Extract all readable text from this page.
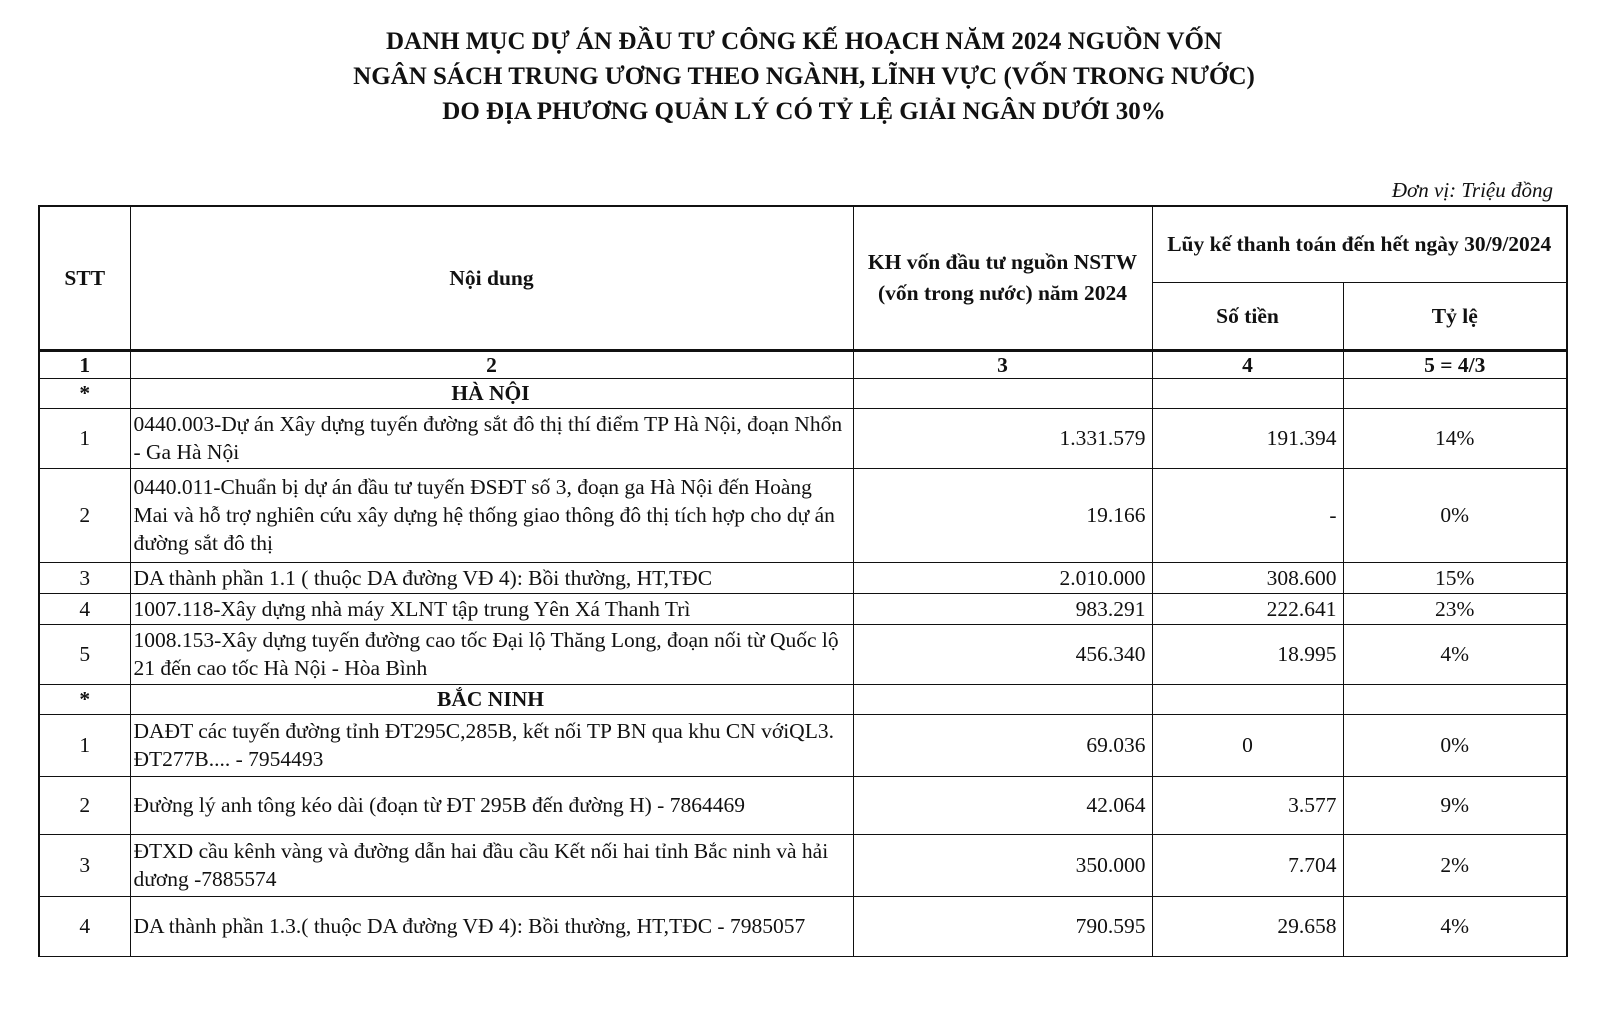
DANH MỤC DỰ ÁN ĐẦU TƯ CÔNG KẾ HOẠCH NĂM 2024 NGUỒN VỐN
NGÂN SÁCH TRUNG ƯƠNG THEO NGÀNH, LĨNH VỰC (VỐN TRONG NƯỚC)
DO ĐỊA PHƯƠNG QUẢN LÝ CÓ TỶ LỆ GIẢI NGÂN DƯỚI 30%
Đơn vị: Triệu đồng
STT	Nội dung	KH vốn đầu tư nguồn NSTW (vốn trong nước) năm 2024	Lũy kế thanh toán đến hết ngày 30/9/2024	
			Số tiền	Tỷ lệ
1	2	3	4	5 = 4/3
*	HÀ NỘI			
1	0440.003-Dự án Xây dựng tuyến đường sắt đô thị thí điểm TP Hà Nội, đoạn Nhổn - Ga Hà Nội	1.331.579	191.394	14%
2	0440.011-Chuẩn bị dự án đầu tư tuyến ĐSĐT số 3, đoạn ga Hà Nội đến Hoàng Mai và hỗ trợ nghiên cứu xây dựng hệ thống giao thông đô thị tích hợp cho dự án đường sắt đô thị	19.166	-	0%
3	DA thành phần 1.1 ( thuộc DA đường VĐ 4): Bồi thường, HT,TĐC	2.010.000	308.600	15%
4	1007.118-Xây dựng nhà máy XLNT tập trung Yên Xá Thanh Trì	983.291	222.641	23%
5	1008.153-Xây dựng tuyến đường cao tốc Đại lộ Thăng Long, đoạn nối từ Quốc lộ 21 đến cao tốc Hà Nội - Hòa Bình	456.340	18.995	4%
*	BẮC NINH			
1	DAĐT các tuyến đường tỉnh ĐT295C,285B, kết nối TP BN qua khu CN vớiQL3. ĐT277B.... - 7954493	69.036	0	0%
2	Đường lý anh tông kéo dài (đoạn từ ĐT 295B đến đường H) - 7864469	42.064	3.577	9%
3	ĐTXD cầu kênh vàng và đường dẫn hai đầu cầu Kết nối hai tỉnh Bắc ninh và hải dương -7885574	350.000	7.704	2%
4	DA thành phần 1.3.( thuộc DA đường VĐ 4): Bồi thường, HT,TĐC - 7985057	790.595	29.658	4%
